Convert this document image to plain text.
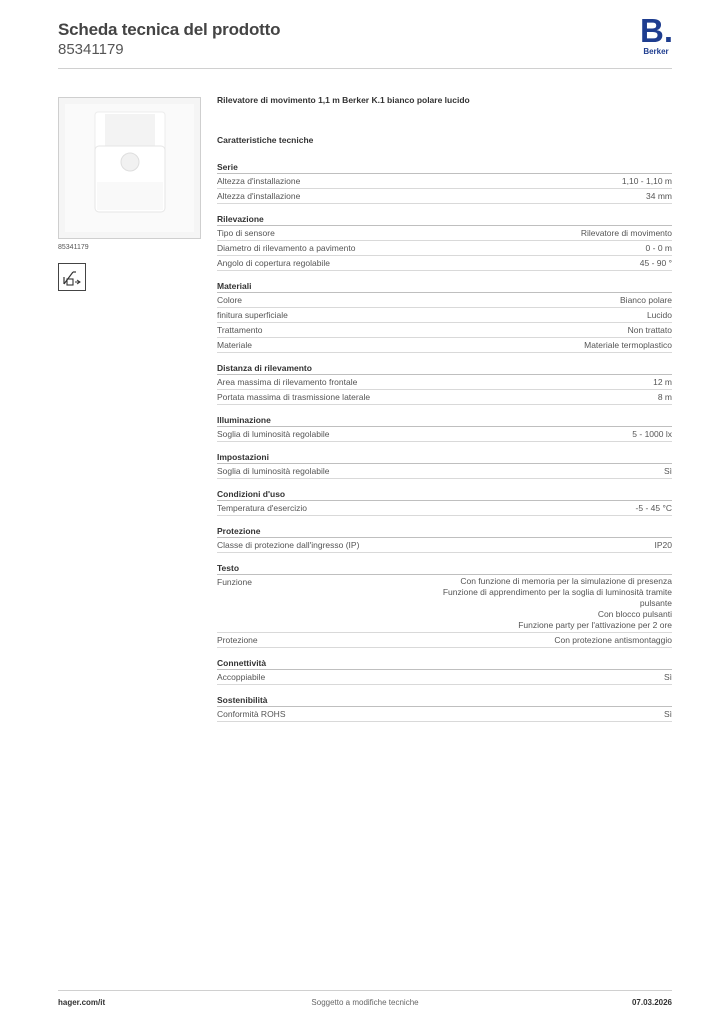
Scheda tecnica del prodotto
85341179
B.
Berker
85341179
Rilevatore di movimento 1,1 m Berker K.1 bianco polare lucido
Caratteristiche tecniche
Serie
Altezza d'installazione	1,10 - 1,10 m
Altezza d'installazione	34 mm
Rilevazione
Tipo di sensore	Rilevatore di movimento
Diametro di rilevamento a pavimento	0 - 0 m
Angolo di copertura regolabile	45 - 90 °
Materiali
Colore	Bianco polare
finitura superficiale	Lucido
Trattamento	Non trattato
Materiale	Materiale termoplastico
Distanza di rilevamento
Area massima di rilevamento frontale	12 m
Portata massima di trasmissione laterale	8 m
Illuminazione
Soglia di luminosità regolabile	5 - 1000 lx
Impostazioni
Soglia di luminosità regolabile	Sì
Condizioni d'uso
Temperatura d'esercizio	-5 - 45 °C
Protezione
Classe di protezione dall'ingresso (IP)	IP20
Testo
Funzione	Con funzione di memoria per la simulazione di presenza
Funzione di apprendimento per la soglia di luminosità tramite
pulsante
Con blocco pulsanti
Funzione party per l'attivazione per 2 ore
Protezione	Con protezione antismontaggio
Connettività
Accoppiabile	Sì
Sostenibilità
Conformità ROHS	Sì
hager.com/it	Soggetto a modifiche tecniche	07.03.2026
